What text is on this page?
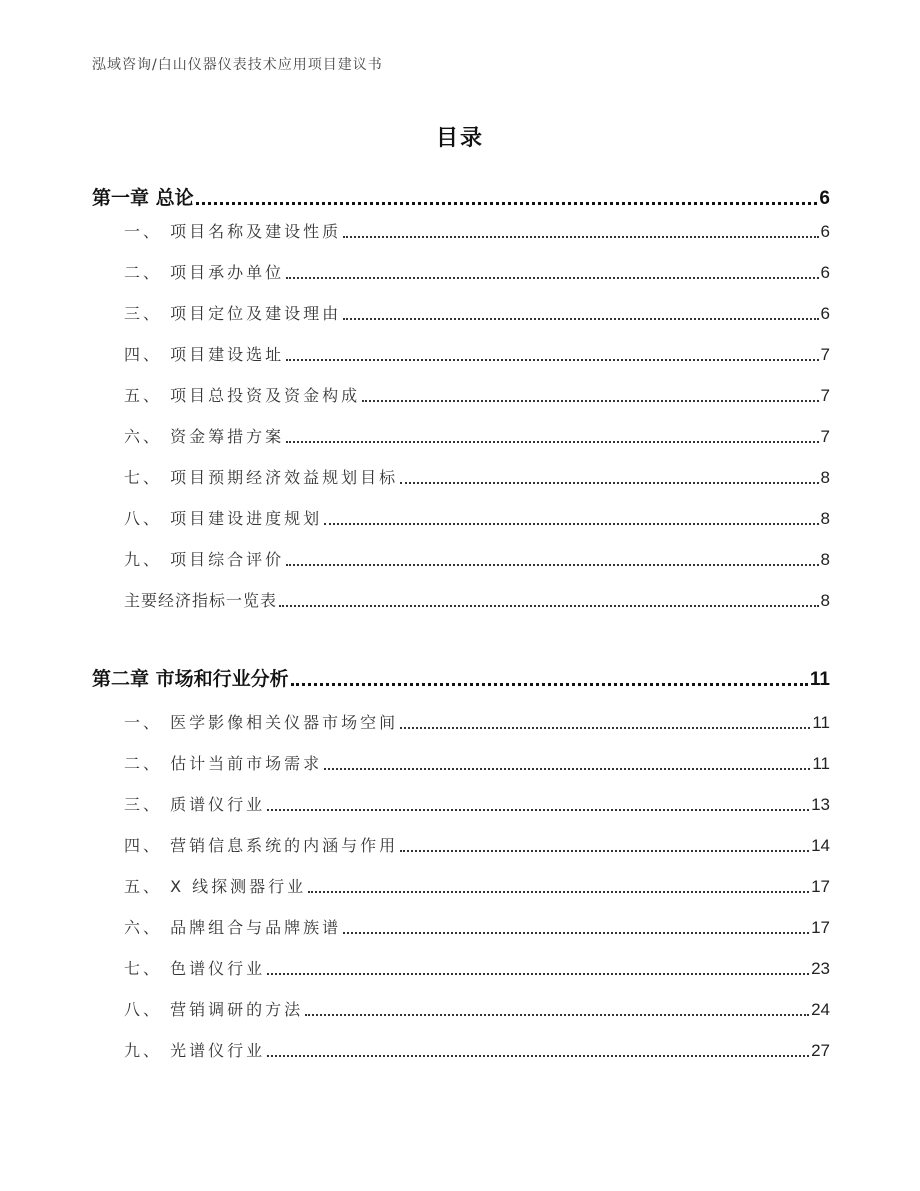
泓域咨询/白山仪器仪表技术应用项目建议书
目录
第一章 总论	6
一、 项目名称及建设性质	6
二、 项目承办单位	6
三、 项目定位及建设理由	6
四、 项目建设选址	7
五、 项目总投资及资金构成	7
六、 资金筹措方案	7
七、 项目预期经济效益规划目标	8
八、 项目建设进度规划	8
九、 项目综合评价	8
主要经济指标一览表	8
第二章 市场和行业分析	11
一、 医学影像相关仪器市场空间	11
二、 估计当前市场需求	11
三、 质谱仪行业	13
四、 营销信息系统的内涵与作用	14
五、 X 线探测器行业	17
六、 品牌组合与品牌族谱	17
七、 色谱仪行业	23
八、 营销调研的方法	24
九、 光谱仪行业	27
